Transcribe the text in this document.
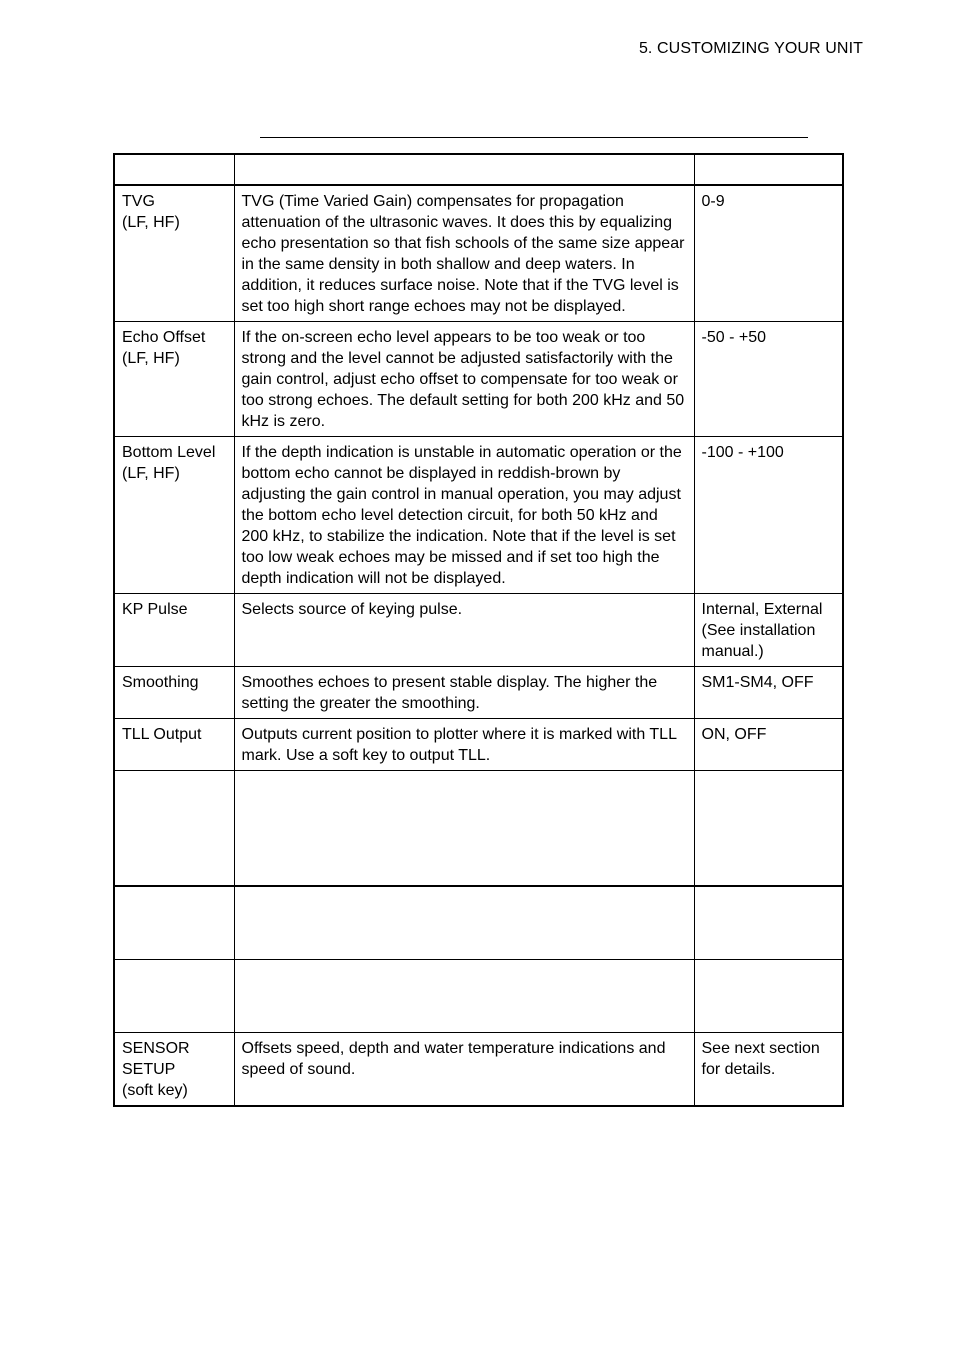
5. CUSTOMIZING YOUR UNIT

TVG
(LF, HF)	TVG (Time Varied Gain) compensates for propagation attenuation of the ultrasonic waves. It does this by equalizing echo presentation so that fish schools of the same size appear in the same density in both shallow and deep waters. In addition, it reduces surface noise. Note that if the TVG level is set too high short range echoes may not be displayed.	0-9

Echo Offset
(LF, HF)	If the on-screen echo level appears to be too weak or too strong and the level cannot be adjusted satisfactorily with the gain control, adjust echo offset to compensate for too weak or too strong echoes. The default setting for both 200 kHz and 50 kHz is zero.	-50 - +50

Bottom Level
(LF, HF)	If the depth indication is unstable in automatic operation or the bottom echo cannot be displayed in reddish-brown by adjusting the gain control in manual operation, you may adjust the bottom echo level detection circuit, for both 50 kHz and 200 kHz, to stabilize the indication. Note that if the level is set too low weak echoes may be missed and if set too high the depth indication will not be displayed.	-100 - +100

KP Pulse	Selects source of keying pulse.	Internal, External (See installation manual.)

Smoothing	Smoothes echoes to present stable display. The higher the setting the greater the smoothing.	SM1-SM4, OFF

TLL Output	Outputs current position to plotter where it is marked with TLL mark. Use a soft key to output TLL.	ON, OFF

SENSOR
SETUP
(soft key)	Offsets speed, depth and water temperature indications and speed of sound.	See next section for details.
